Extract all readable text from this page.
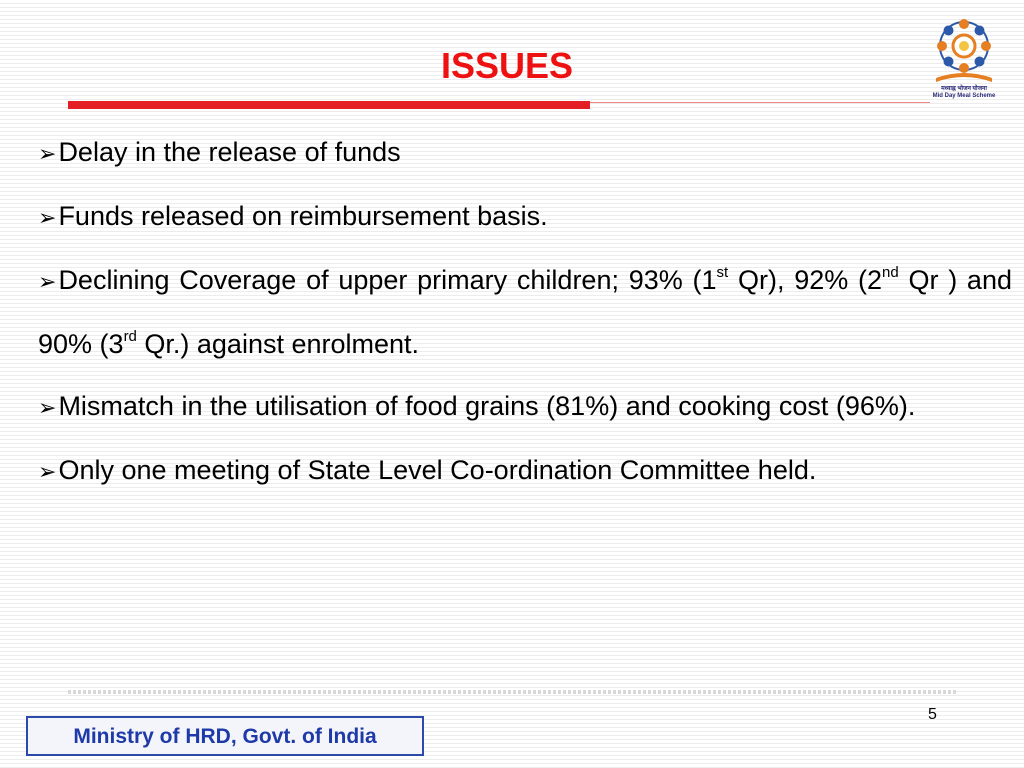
ISSUES
मध्याह्न भोजन योजना
Mid Day Meal Scheme

➢Delay in the release of funds

➢Funds released on reimbursement basis.

➢Declining Coverage of upper primary children; 93% (1st Qr), 92% (2nd Qr ) and 90% (3rd Qr.) against enrolment.

➢Mismatch in the utilisation of food grains (81%) and cooking cost (96%).

➢Only one meeting of State Level Co-ordination Committee held.

5
Ministry of HRD, Govt. of India
